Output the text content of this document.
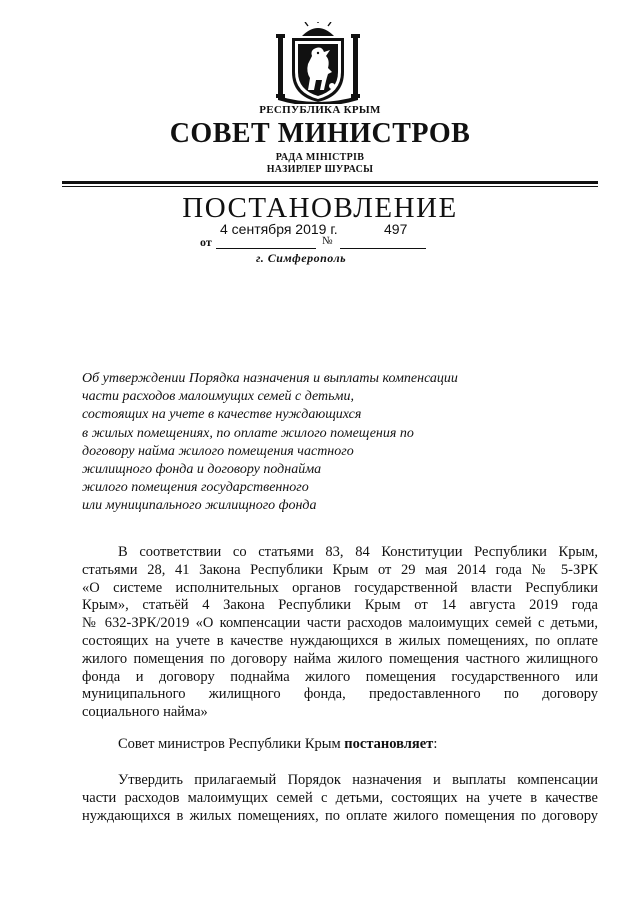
РЕСПУБЛИКА КРЫМ
СОВЕТ МИНИСТРОВ
РАДА МІНІСТРІВ
НАЗИРЛЕР ШУРАСЫ
ПОСТАНОВЛЕНИЕ
от	№
4 сентября 2019 г.	497
г. Симферополь
Об утверждении Порядка назначения и выплаты компенсации
части расходов малоимущих семей с детьми,
состоящих на учете в качестве нуждающихся
в жилых помещениях, по оплате жилого помещения по
договору найма жилого помещения частного
жилищного фонда и договору поднайма
жилого помещения государственного
или муниципального жилищного фонда
В соответствии со статьями 83, 84 Конституции Республики Крым,
статьями 28, 41 Закона Республики Крым от 29 мая 2014 года № 5-ЗРК
«О системе исполнительных органов государственной власти Республики
Крым», статьёй 4 Закона Республики Крым от 14 августа 2019 года
№ 632-ЗРК/2019 «О компенсации части расходов малоимущих семей с детьми,
состоящих на учете в качестве нуждающихся в жилых помещениях, по оплате
жилого помещения по договору найма жилого помещения частного жилищного
фонда и договору поднайма жилого помещения государственного или
муниципального жилищного фонда, предоставленного по договору
социального найма»
Совет министров Республики Крым постановляет:
Утвердить прилагаемый Порядок назначения и выплаты компенсации
части расходов малоимущих семей с детьми, состоящих на учете в качестве
нуждающихся в жилых помещениях, по оплате жилого помещения по договору
